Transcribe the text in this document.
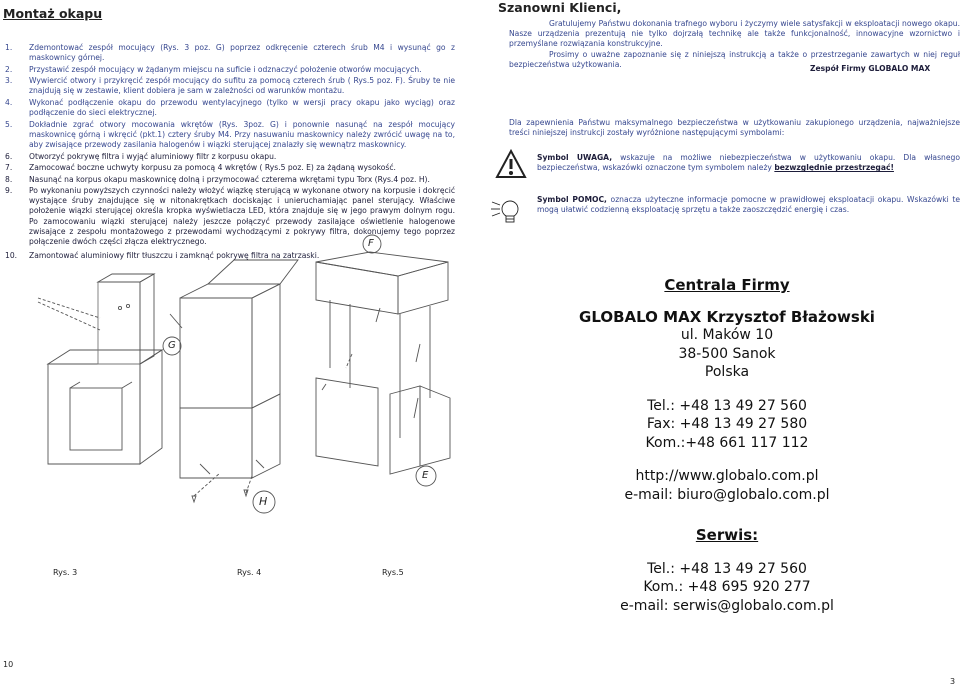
Montaż okapu
1. Zdemontować zespół mocujący (Rys. 3 poz. G) poprzez odkręcenie czterech śrub M4 i wysunąć go z maskownicy górnej.
2. Przystawić zespół mocujący w żądanym miejscu na suficie i odznaczyć położenie otworów mocujących.
3. Wywiercić otwory i przykręcić zespół mocujący do sufitu za pomocą czterech śrub ( Rys.5 poz. F). Śruby te nie znajdują się w zestawie, klient dobiera je sam w zależności od warunków montażu.
4. Wykonać podłączenie okapu do przewodu wentylacyjnego (tylko w wersji pracy okapu jako wyciąg) oraz podłączenie do sieci elektrycznej.
5. Dokładnie zgrać otwory mocowania wkrętów (Rys. 3poz. G) i ponownie nasunąć na zespół mocujący maskownicę górną i wkręcić (pkt.1) cztery śruby M4. Przy nasuwaniu maskownicy należy zwrócić uwagę na to, aby zwisające przewody zasilania halogenów i wiązki sterującej znalazły się wewnątrz maskownicy.
6. Otworzyć pokrywę filtra i wyjąć aluminiowy filtr z korpusu okapu.
7. Zamocować boczne uchwyty korpusu za pomocą 4 wkrętów ( Rys.5 poz. E) za żądaną wysokość.
8. Nasunąć na korpus okapu maskownicę dolną i przymocować czterema wkrętami typu Torx (Rys.4 poz. H).
9. Po wykonaniu powyższych czynności należy włożyć wiązkę sterującą w wykonane otwory na korpusie i dokręcić wystające śruby znajdujące się w nitonakrętkach dociskając i unieruchamiając panel sterujący. Właściwe położenie wiązki sterującej określa kropka wyświetlacza LED, która znajduje się w jego prawym dolnym rogu. Po zamocowaniu wiązki sterującej należy jeszcze połączyć przewody zasilające oświetlenie halogenowe zwisające z zespołu montażowego z przewodami wychodzącymi z pokrywy filtra, dokonujemy tego poprzez połączenie dwóch części złącza elektrycznego.
10. Zamontować aluminiowy filtr tłuszczu i zamknąć pokrywę filtra na zatrzaski.
G
F
H
E
Rys. 3	Rys. 4	Rys.5
10
Szanowni Klienci,

Gratulujemy Państwu dokonania trafnego wyboru i życzymy wiele satysfakcji w eksploatacji nowego okapu. Nasze urządzenia prezentują nie tylko dojrzałą technikę ale także funkcjonalność, innowacyjne wzornictwo i przemyślane rozwiązania konstrukcyjne.

Prosimy o uważne zapoznanie się z niniejszą instrukcją a także o przestrzeganie zawartych w niej reguł bezpieczeństwa użytkowania.	Zespół Firmy GLOBALO MAX
Dla zapewnienia Państwu maksymalnego bezpieczeństwa w użytkowaniu zakupionego urządzenia, najważniejsze treści niniejszej instrukcji zostały wyróżnione następującymi symbolami:
Symbol UWAGA, wskazuje na możliwe niebezpieczeństwa w użytkowaniu okapu. Dla własnego bezpieczeństwa, wskazówki oznaczone tym symbolem należy bezwzględnie przestrzegać!
Symbol POMOC, oznacza użyteczne informacje pomocne w prawidłowej eksploatacji okapu. Wskazówki te mogą ułatwić codzienną eksploatację sprzętu a także zaoszczędzić energię i czas.
Centrala Firmy
GLOBALO MAX Krzysztof Błażowski
ul. Maków 10
38-500 Sanok
Polska
Tel.: +48 13 49 27 560
Fax: +48 13 49 27 580
Kom.:+48 661 117 112
http://www.globalo.com.pl
e-mail: biuro@globalo.com.pl
Serwis:
Tel.: +48 13 49 27 560
Kom.: +48 695 920 277
e-mail: serwis@globalo.com.pl
3
